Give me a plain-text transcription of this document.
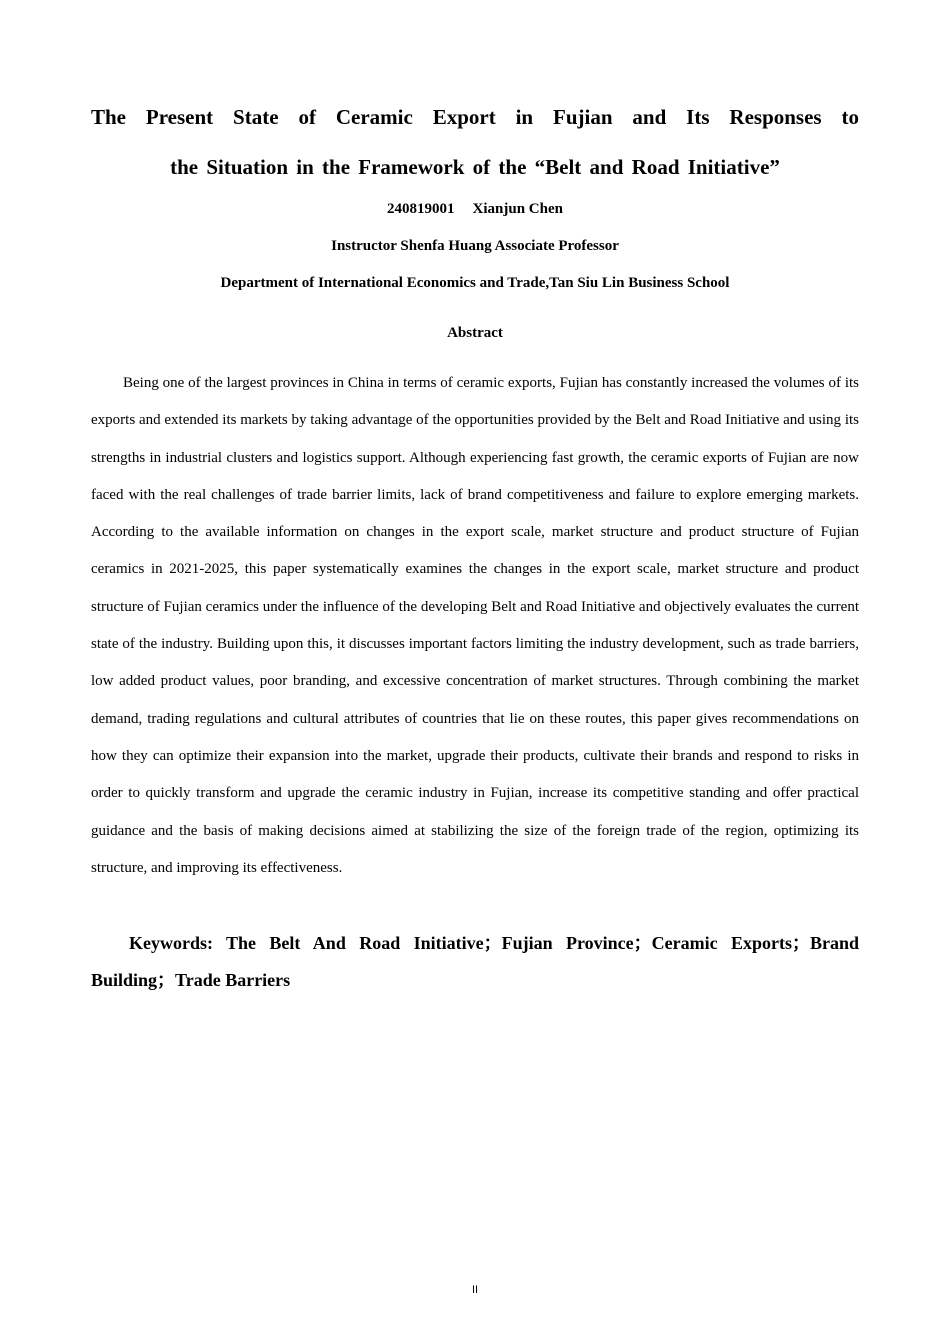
The Present State of Ceramic Export in Fujian and Its Responses to
the Situation in the Framework of the “Belt and Road Initiative”

240819001 Xianjun Chen

Instructor Shenfa Huang Associate Professor

Department of International Economics and Trade,Tan Siu Lin Business School

Abstract

Being one of the largest provinces in China in terms of ceramic exports, Fujian has constantly increased the volumes of its exports and extended its markets by taking advantage of the opportunities provided by the Belt and Road Initiative and using its strengths in industrial clusters and logistics support. Although experiencing fast growth, the ceramic exports of Fujian are now faced with the real challenges of trade barrier limits, lack of brand competitiveness and failure to explore emerging markets. According to the available information on changes in the export scale, market structure and product structure of Fujian ceramics in 2021-2025, this paper systematically examines the changes in the export scale, market structure and product structure of Fujian ceramics under the influence of the developing Belt and Road Initiative and objectively evaluates the current state of the industry. Building upon this, it discusses important factors limiting the industry development, such as trade barriers, low added product values, poor branding, and excessive concentration of market structures. Through combining the market demand, trading regulations and cultural attributes of countries that lie on these routes, this paper gives recommendations on how they can optimize their expansion into the market, upgrade their products, cultivate their brands and respond to risks in order to quickly transform and upgrade the ceramic industry in Fujian, increase its competitive standing and offer practical guidance and the basis of making decisions aimed at stabilizing the size of the foreign trade of the region, optimizing its structure, and improving its effectiveness.

Keywords: The Belt And Road Initiative；Fujian Province；Ceramic Exports；Brand Building；Trade Barriers

II
